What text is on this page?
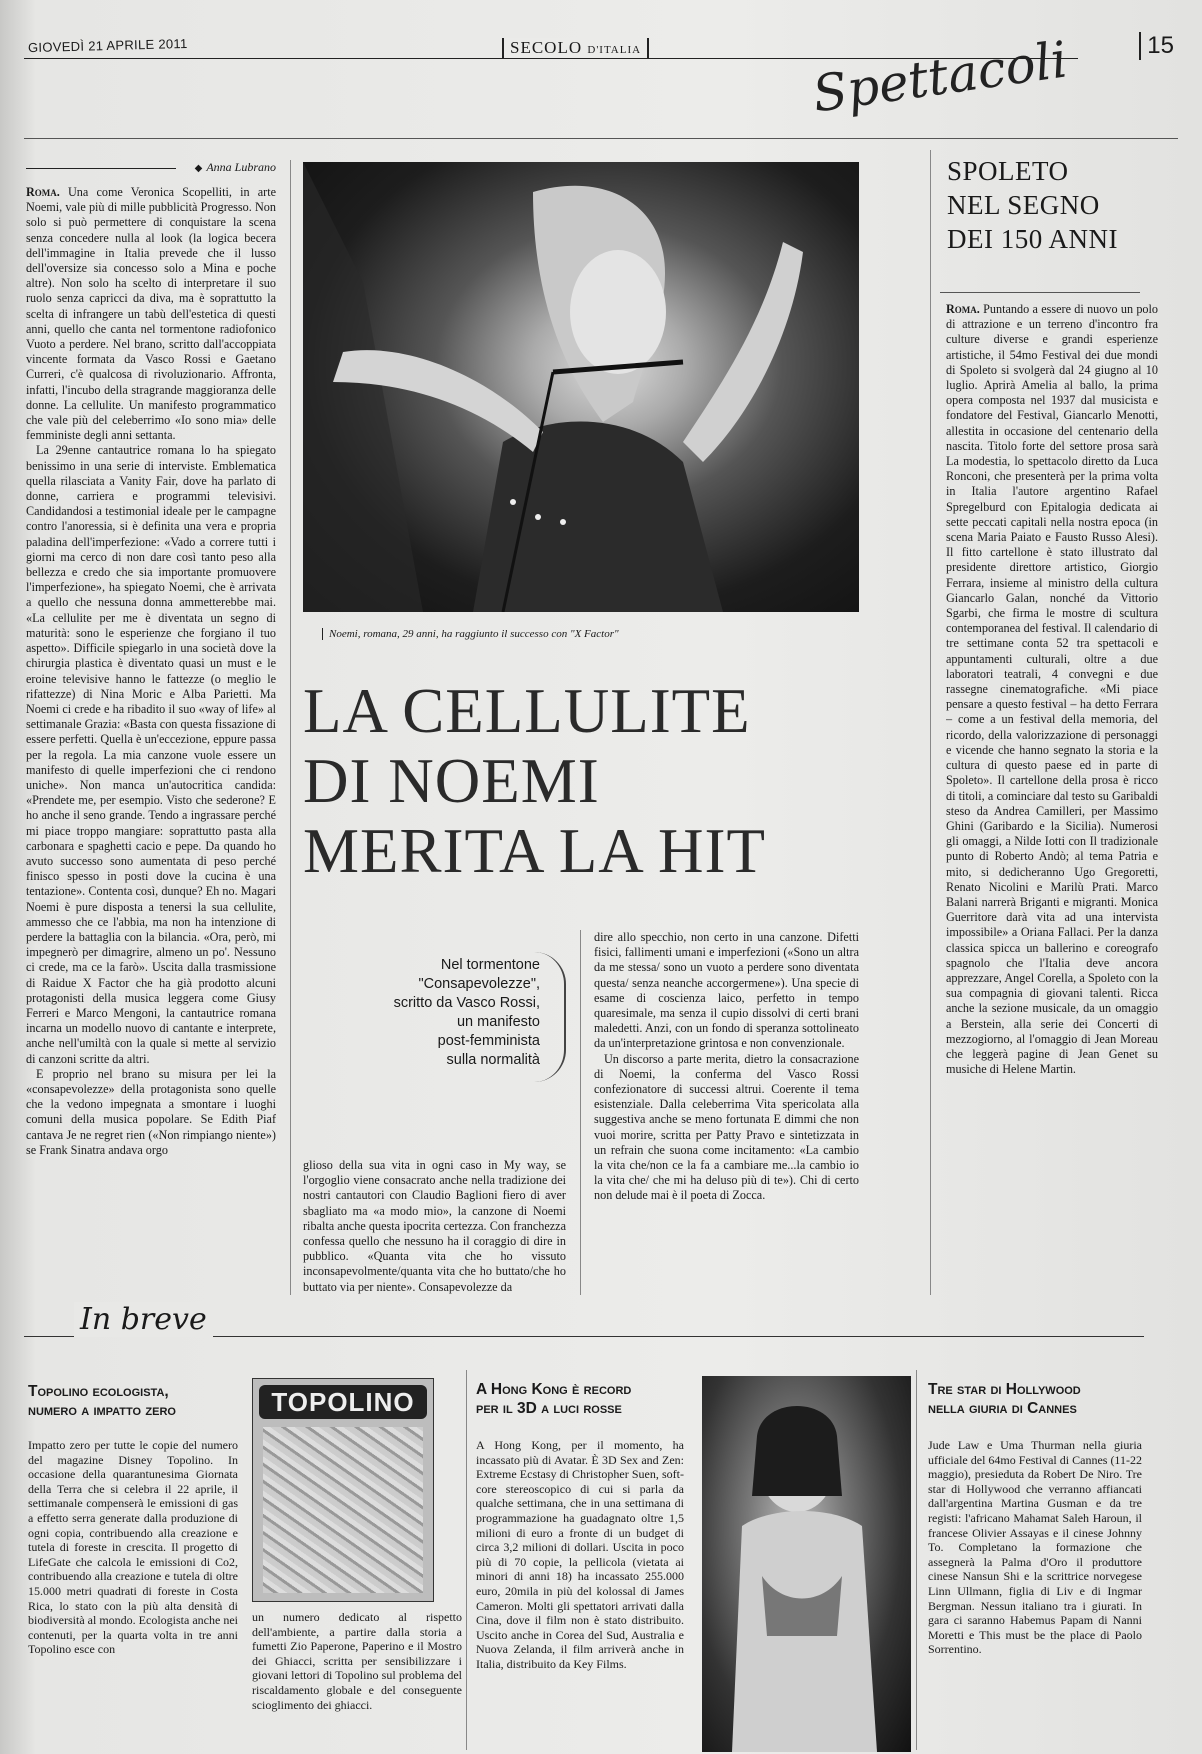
GIOVEDÌ 21 APRILE 2011	SECOLO D'ITALIA	Spettacoli	15
◆ Anna Lubrano

Roma. Una come Veronica Scopelliti, in arte Noemi, vale più di mille pubblicità Progresso. Non solo si può permettere di conquistare la scena senza concedere nulla al look (la logica becera dell'immagine in Italia prevede che il lusso dell'oversize sia concesso solo a Mina e poche altre). Non solo ha scelto di interpretare il suo ruolo senza capricci da diva, ma è soprattutto la scelta di infrangere un tabù dell'estetica di questi anni, quello che canta nel tormentone radiofonico Vuoto a perdere. Nel brano, scritto dall'accoppiata vincente formata da Vasco Rossi e Gaetano Curreri, c'è qualcosa di rivoluzionario. Affronta, infatti, l'incubo della stragrande maggioranza delle donne. La cellulite. Un manifesto programmatico che vale più del celeberrimo «Io sono mia» delle femministe degli anni settanta.

La 29enne cantautrice romana lo ha spiegato benissimo in una serie di interviste. Emblematica quella rilasciata a Vanity Fair, dove ha parlato di donne, carriera e programmi televisivi. Candidandosi a testimonial ideale per le campagne contro l'anoressia, si è definita una vera e propria paladina dell'imperfezione: «Vado a correre tutti i giorni ma cerco di non dare così tanto peso alla bellezza e credo che sia importante promuovere l'imperfezione», ha spiegato Noemi, che è arrivata a quello che nessuna donna ammetterebbe mai. «La cellulite per me è diventata un segno di maturità: sono le esperienze che forgiano il tuo aspetto». Difficile spiegarlo in una società dove la chirurgia plastica è diventato quasi un must e le eroine televisive hanno le fattezze (o meglio le rifattezze) di Nina Moric e Alba Parietti. Ma Noemi ci crede e ha ribadito il suo «way of life» al settimanale Grazia: «Basta con questa fissazione di essere perfetti. Quella è un'eccezione, eppure passa per la regola. La mia canzone vuole essere un manifesto di quelle imperfezioni che ci rendono uniche». Non manca un'autocritica candida: «Prendete me, per esempio. Visto che sederone? E ho anche il seno grande. Tendo a ingrassare perché mi piace troppo mangiare: soprattutto pasta alla carbonara e spaghetti cacio e pepe. Da quando ho avuto successo sono aumentata di peso perché finisco spesso in posti dove la cucina è una tentazione». Contenta così, dunque? Eh no. Magari Noemi è pure disposta a tenersi la sua cellulite, ammesso che ce l'abbia, ma non ha intenzione di perdere la battaglia con la bilancia. «Ora, però, mi impegnerò per dimagrire, almeno un po'. Nessuno ci crede, ma ce la farò». Uscita dalla trasmissione di Raidue X Factor che ha già prodotto alcuni protagonisti della musica leggera come Giusy Ferreri e Marco Mengoni, la cantautrice romana incarna un modello nuovo di cantante e interprete, anche nell'umiltà con la quale si mette al servizio di canzoni scritte da altri.

E proprio nel brano su misura per lei la «consapevolezze» della protagonista sono quelle che la vedono impegnata a smontare i luoghi comuni della musica popolare. Se Edith Piaf cantava Je ne regret rien («Non rimpiango niente») se Frank Sinatra andava orgo

Noemi, romana, 29 anni, ha raggiunto il successo con "X Factor"
LA CELLULITE
DI NOEMI
MERITA LA HIT
Nel tormentone
"Consapevolezze",
scritto da Vasco Rossi,
un manifesto
post-femminista
sulla normalità

glioso della sua vita in ogni caso in My way, se l'orgoglio viene consacrato anche nella tradizione dei nostri cantautori con Claudio Baglioni fiero di aver sbagliato ma «a modo mio», la canzone di Noemi ribalta anche questa ipocrita certezza. Con franchezza confessa quello che nessuno ha il coraggio di dire in pubblico. «Quanta vita che ho vissuto inconsapevolmente/quanta vita che ho buttato/che ho buttato via per niente». Consapevolezze da

dire allo specchio, non certo in una canzone. Difetti fisici, fallimenti umani e imperfezioni («Sono un altra da me stessa/ sono un vuoto a perdere sono diventata questa/ senza neanche accorgermene»). Una specie di esame di coscienza laico, perfetto in tempo quaresimale, ma senza il cupio dissolvi di certi brani maledetti. Anzi, con un fondo di speranza sottolineato da un'interpretazione grintosa e non convenzionale.

Un discorso a parte merita, dietro la consacrazione di Noemi, la conferma del Vasco Rossi confezionatore di successi altrui. Coerente il tema esistenziale. Dalla celeberrima Vita spericolata alla suggestiva anche se meno fortunata E dimmi che non vuoi morire, scritta per Patty Pravo e sintetizzata in un refrain che suona come incitamento: «La cambio la vita che/non ce la fa a cambiare me...la cambio io la vita che/ che mi ha deluso più di te»). Chi di certo non delude mai è il poeta di Zocca.

SPOLETO
NEL SEGNO
DEI 150 ANNI

Roma. Puntando a essere di nuovo un polo di attrazione e un terreno d'incontro fra culture diverse e grandi esperienze artistiche, il 54mo Festival dei due mondi di Spoleto si svolgerà dal 24 giugno al 10 luglio. Aprirà Amelia al ballo, la prima opera composta nel 1937 dal musicista e fondatore del Festival, Giancarlo Menotti, allestita in occasione del centenario della nascita. Titolo forte del settore prosa sarà La modestia, lo spettacolo diretto da Luca Ronconi, che presenterà per la prima volta in Italia l'autore argentino Rafael Spregelburd con Epitalogia dedicata ai sette peccati capitali nella nostra epoca (in scena Maria Paiato e Fausto Russo Alesi). Il fitto cartellone è stato illustrato dal presidente direttore artistico, Giorgio Ferrara, insieme al ministro della cultura Giancarlo Galan, nonché da Vittorio Sgarbi, che firma le mostre di scultura contemporanea del festival. Il calendario di tre settimane conta 52 tra spettacoli e appuntamenti culturali, oltre a due laboratori teatrali, 4 convegni e due rassegne cinematografiche. «Mi piace pensare a questo festival – ha detto Ferrara – come a un festival della memoria, del ricordo, della valorizzazione di personaggi e vicende che hanno segnato la storia e la cultura di questo paese ed in parte di Spoleto». Il cartellone della prosa è ricco di titoli, a cominciare dal testo su Garibaldi steso da Andrea Camilleri, per Massimo Ghini (Garibardo e la Sicilia). Numerosi gli omaggi, a Nilde Iotti con Il tradizionale punto di Roberto Andò; al tema Patria e mito, si dedicheranno Ugo Gregoretti, Renato Nicolini e Marilù Prati. Marco Balani narrerà Briganti e migranti. Monica Guerritore darà vita ad una intervista impossibile» a Oriana Fallaci. Per la danza classica spicca un ballerino e coreografo spagnolo che l'Italia deve ancora apprezzare, Angel Corella, a Spoleto con la sua compagnia di giovani talenti. Ricca anche la sezione musicale, da un omaggio a Berstein, alla serie dei Concerti di mezzogiorno, al l'omaggio di Jean Moreau che leggerà pagine di Jean Genet su musiche di Helene Martin.

In breve
Topolino ecologista,
numero a impatto zero

Impatto zero per tutte le copie del numero del magazine Disney Topolino. In occasione della quarantunesima Giornata della Terra che si celebra il 22 aprile, il settimanale compenserà le emissioni di gas a effetto serra generate dalla produzione di ogni copia, contribuendo alla creazione e tutela di foreste in crescita. Il progetto di LifeGate che calcola le emissioni di Co2, contribuendo alla creazione e tutela di oltre 15.000 metri quadrati di foreste in Costa Rica, lo stato con la più alta densità di biodiversità al mondo. Ecologista anche nei contenuti, per la quarta volta in tre anni Topolino esce con

TOPOLINO

un numero dedicato al rispetto dell'ambiente, a partire dalla storia a fumetti Zio Paperone, Paperino e il Mostro dei Ghiacci, scritta per sensibilizzare i giovani lettori di Topolino sul problema del riscaldamento globale e del conseguente scioglimento dei ghiacci.

A Hong Kong è record
per il 3D a luci rosse

A Hong Kong, per il momento, ha incassato più di Avatar. È 3D Sex and Zen: Extreme Ecstasy di Christopher Suen, soft-core stereoscopico di cui si parla da qualche settimana, che in una settimana di programmazione ha guadagnato oltre 1,5 milioni di euro a fronte di un budget di circa 3,2 milioni di dollari. Uscita in poco più di 70 copie, la pellicola (vietata ai minori di anni 18) ha incassato 255.000 euro, 20mila in più del kolossal di James Cameron. Molti gli spettatori arrivati dalla Cina, dove il film non è stato distribuito. Uscito anche in Corea del Sud, Australia e Nuova Zelanda, il film arriverà anche in Italia, distribuito da Key Films.

Tre star di Hollywood
nella giuria di Cannes

Jude Law e Uma Thurman nella giuria ufficiale del 64mo Festival di Cannes (11-22 maggio), presieduta da Robert De Niro. Tre star di Hollywood che verranno affiancati dall'argentina Martina Gusman e da tre registi: l'africano Mahamat Saleh Haroun, il francese Olivier Assayas e il cinese Johnny To. Completano la formazione che assegnerà la Palma d'Oro il produttore cinese Nansun Shi e la scrittrice norvegese Linn Ullmann, figlia di Liv e di Ingmar Bergman. Nessun italiano tra i giurati. In gara ci saranno Habemus Papam di Nanni Moretti e This must be the place di Paolo Sorrentino.
